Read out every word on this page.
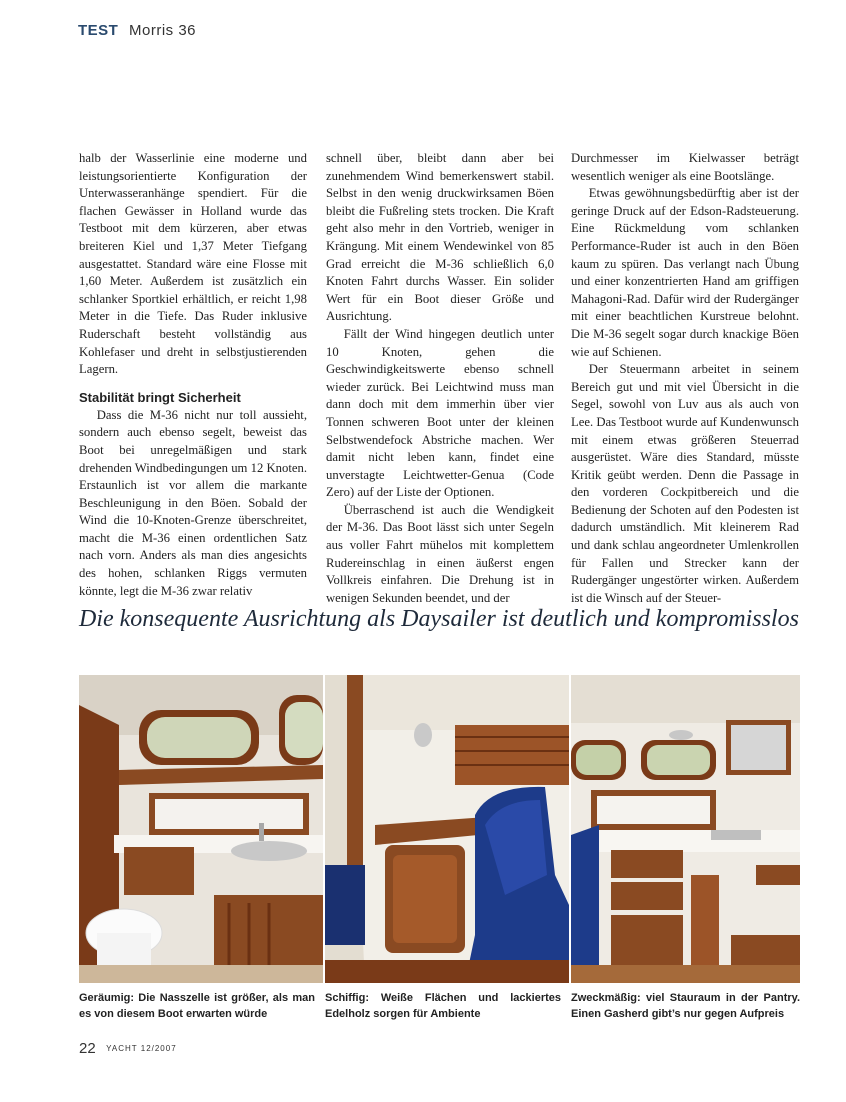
TEST Morris 36

halb der Wasserlinie eine moderne und leistungsorientierte Konfiguration der Unterwasseranhänge spendiert. Für die flachen Gewässer in Holland wurde das Testboot mit dem kürzeren, aber etwas breiteren Kiel und 1,37 Meter Tiefgang ausgestattet. Standard wäre eine Flosse mit 1,60 Meter. Außerdem ist zusätzlich ein schlanker Sportkiel erhältlich, er reicht 1,98 Meter in die Tiefe. Das Ruder inklusive Ruderschaft besteht vollständig aus Kohlefaser und dreht in selbstjustierenden Lagern.

Stabilität bringt Sicherheit

Dass die M-36 nicht nur toll aussieht, sondern auch ebenso segelt, beweist das Boot bei unregelmäßigen und stark drehenden Windbedingungen um 12 Knoten. Erstaunlich ist vor allem die markante Beschleunigung in den Böen. Sobald der Wind die 10-Knoten-Grenze überschreitet, macht die M-36 einen ordentlichen Satz nach vorn. Anders als man dies angesichts des hohen, schlanken Riggs vermuten könnte, legt die M-36 zwar relativ

schnell über, bleibt dann aber bei zunehmendem Wind bemerkenswert stabil. Selbst in den wenig druckwirksamen Böen bleibt die Fußreling stets trocken. Die Kraft geht also mehr in den Vortrieb, weniger in Krängung. Mit einem Wendewinkel von 85 Grad erreicht die M-36 schließlich 6,0 Knoten Fahrt durchs Wasser. Ein solider Wert für ein Boot dieser Größe und Ausrichtung.

Fällt der Wind hingegen deutlich unter 10 Knoten, gehen die Geschwindigkeitswerte ebenso schnell wieder zurück. Bei Leichtwind muss man dann doch mit dem immerhin über vier Tonnen schweren Boot unter der kleinen Selbstwendefock Abstriche machen. Wer damit nicht leben kann, findet eine unverstagte Leichtwetter-Genua (Code Zero) auf der Liste der Optionen.

Überraschend ist auch die Wendigkeit der M-36. Das Boot lässt sich unter Segeln aus voller Fahrt mühelos mit komplettem Rudereinschlag in einen äußerst engen Vollkreis einfahren. Die Drehung ist in wenigen Sekunden beendet, und der

Durchmesser im Kielwasser beträgt wesentlich weniger als eine Bootslänge.

Etwas gewöhnungsbedürftig aber ist der geringe Druck auf der Edson-Radsteuerung. Eine Rückmeldung vom schlanken Performance-Ruder ist auch in den Böen kaum zu spüren. Das verlangt nach Übung und einer konzentrierten Hand am griffigen Mahagoni-Rad. Dafür wird der Rudergänger mit einer beachtlichen Kurstreue belohnt. Die M-36 segelt sogar durch knackige Böen wie auf Schienen.

Der Steuermann arbeitet in seinem Bereich gut und mit viel Übersicht in die Segel, sowohl von Luv aus als auch von Lee. Das Testboot wurde auf Kundenwunsch mit einem etwas größeren Steuerrad ausgerüstet. Wäre dies Standard, müsste Kritik geübt werden. Denn die Passage in den vorderen Cockpitbereich und die Bedienung der Schoten auf den Podesten ist dadurch umständlich. Mit kleinerem Rad und dank schlau angeordneter Umlenkrollen für Fallen und Strecker kann der Rudergänger ungestörter wirken. Außerdem ist die Winsch auf der Steuer-

Die konsequente Ausrichtung als Daysailer ist deutlich und kompromisslos
Geräumig: Die Nasszelle ist größer, als man es von diesem Boot erwarten würde
Schiffig: Weiße Flächen und lackiertes Edelholz sorgen für Ambiente
Zweckmäßig: viel Stauraum in der Pantry. Einen Gasherd gibt’s nur gegen Aufpreis
22 YACHT 12/2007
